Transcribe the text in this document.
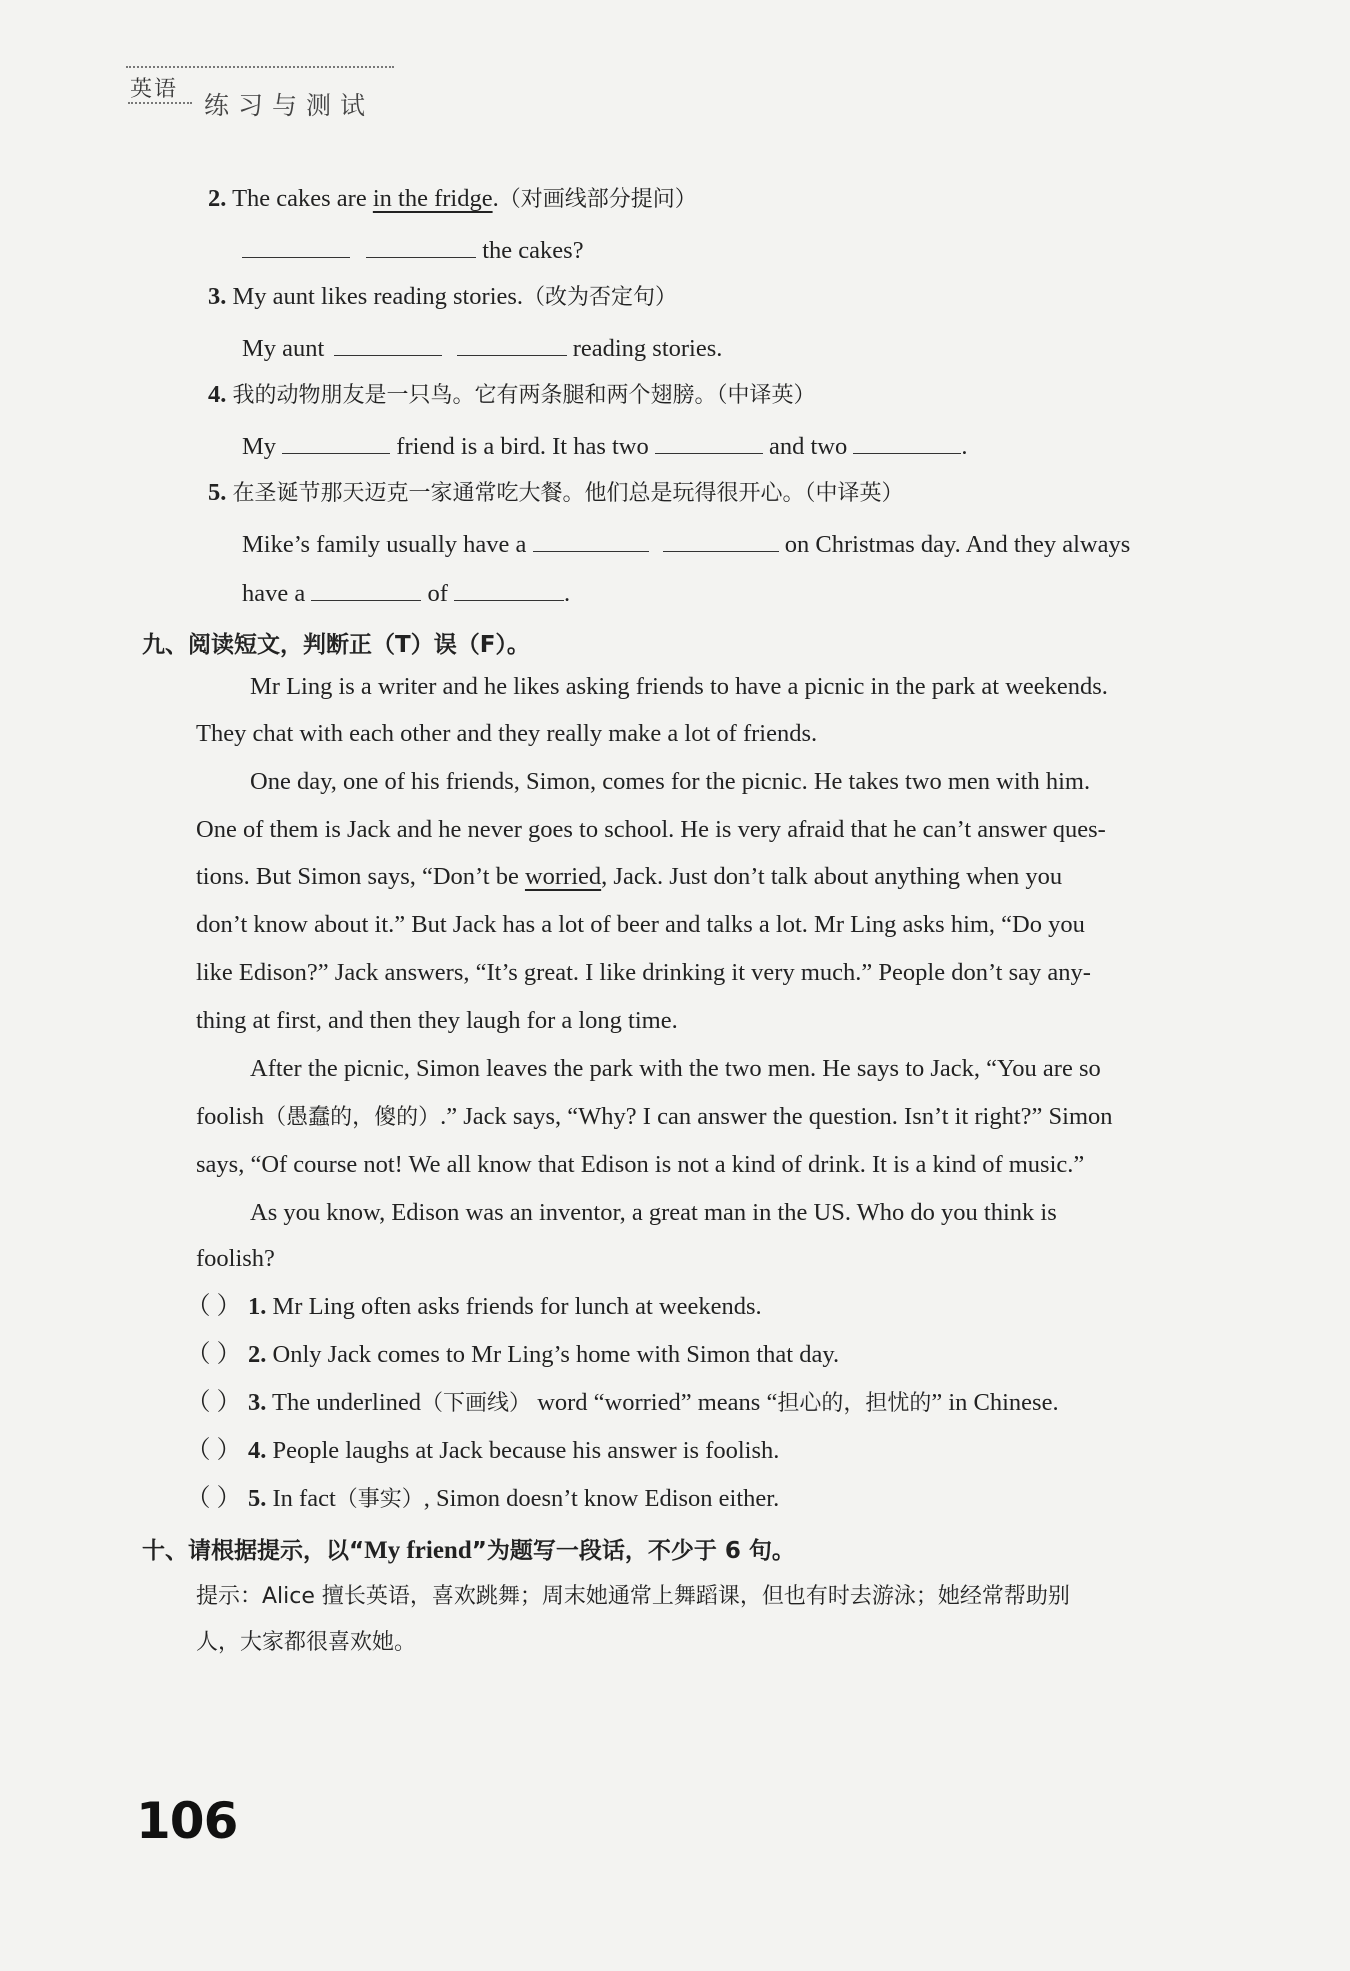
英语
练习与测试
2. The cakes are in the fridge.（对画线部分提问）
the cakes?
3. My aunt likes reading stories.（改为否定句）
My aunt	reading stories.
4. 我的动物朋友是一只鸟。它有两条腿和两个翅膀。（中译英）
My	friend is a bird. It has two	and two	.
5. 在圣诞节那天迈克一家通常吃大餐。他们总是玩得很开心。（中译英）
Mike’s family usually have a	on Christmas day. And they always
have a	of	.
九、阅读短文，判断正（T）误（F）。
Mr Ling is a writer and he likes asking friends to have a picnic in the park at weekends.
They chat with each other and they really make a lot of friends.
One day, one of his friends, Simon, comes for the picnic. He takes two men with him.
One of them is Jack and he never goes to school. He is very afraid that he can’t answer ques-
tions. But Simon says, “Don’t be worried, Jack. Just don’t talk about anything when you
don’t know about it.” But Jack has a lot of beer and talks a lot. Mr Ling asks him, “Do you
like Edison?” Jack answers, “It’s great. I like drinking it very much.” People don’t say any-
thing at first, and then they laugh for a long time.
After the picnic, Simon leaves the park with the two men. He says to Jack, “You are so
foolish（愚蠢的，傻的）.” Jack says, “Why? I can answer the question. Isn’t it right?” Simon
says, “Of course not! We all know that Edison is not a kind of drink. It is a kind of music.”
As you know, Edison was an inventor, a great man in the US. Who do you think is
foolish?
（ ） 1. Mr Ling often asks friends for lunch at weekends.
（ ） 2. Only Jack comes to Mr Ling’s home with Simon that day.
（ ） 3. The underlined（下画线） word “worried” means “担心的，担忧的” in Chinese.
（ ） 4. People laughs at Jack because his answer is foolish.
（ ） 5. In fact（事实）, Simon doesn’t know Edison either.
十、请根据提示，以“My friend”为题写一段话，不少于 6 句。
提示：Alice 擅长英语，喜欢跳舞；周末她通常上舞蹈课，但也有时去游泳；她经常帮助别
人，大家都很喜欢她。
106
